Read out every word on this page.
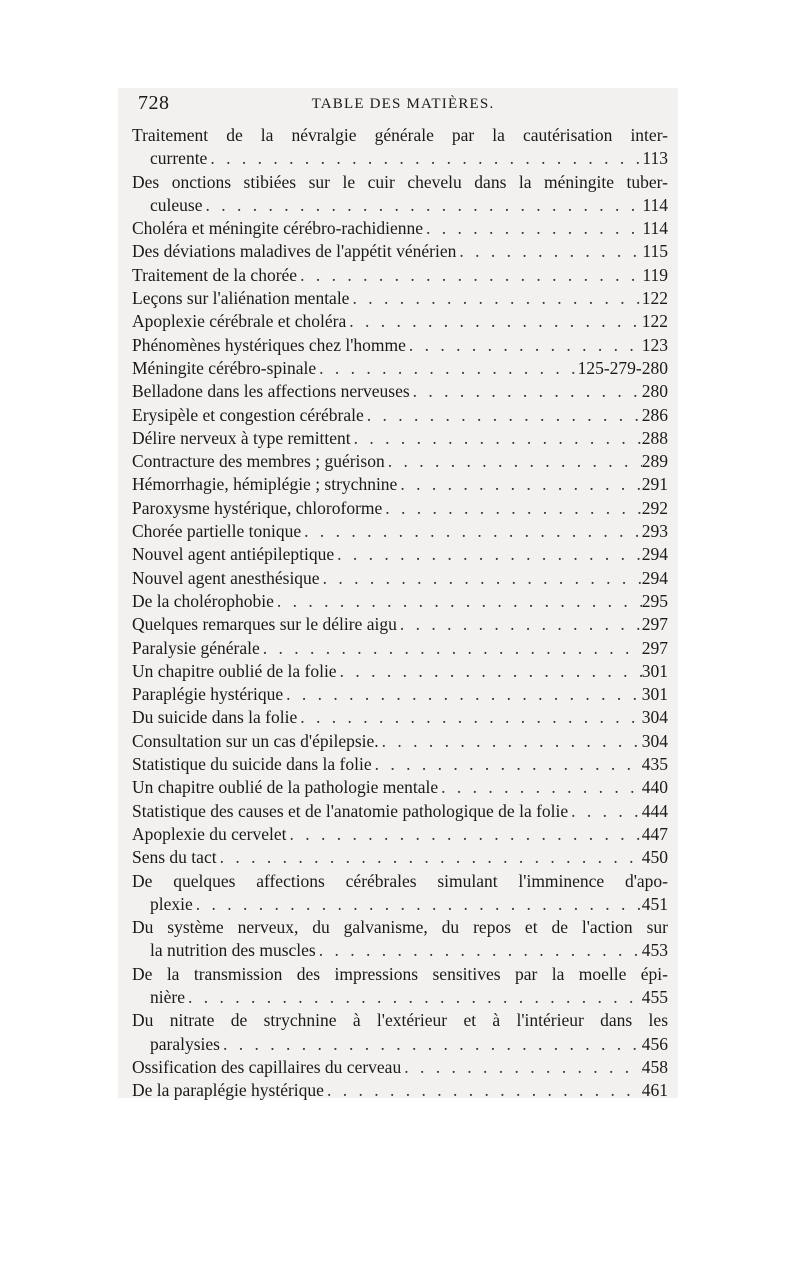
728	TABLE DES MATIÈRES.
Traitement de la névralgie générale par la cautérisation inter-
currente . . .	113
Des onctions stibiées sur le cuir chevelu dans la méningite tuber-
culeuse . . .	114
Choléra et méningite cérébro-rachidienne . . .	114
Des déviations maladives de l'appétit vénérien . . .	115
Traitement de la chorée . . .	119
Leçons sur l'aliénation mentale . . .	122
Apoplexie cérébrale et choléra . . .	122
Phénomènes hystériques chez l'homme . . .	123
Méningite cérébro-spinale . . .	125-279-280
Belladone dans les affections nerveuses . . .	280
Erysipèle et congestion cérébrale . . .	286
Délire nerveux à type remittent . . .	288
Contracture des membres ; guérison . . .	289
Hémorrhagie, hémiplégie ; strychnine . . .	291
Paroxysme hystérique, chloroforme . . .	292
Chorée partielle tonique . . .	293
Nouvel agent antiépileptique . . .	294
Nouvel agent anesthésique . . .	294
De la cholérophobie . . .	295
Quelques remarques sur le délire aigu . . .	297
Paralysie générale . . .	297
Un chapitre oublié de la folie . . .	301
Paraplégie hystérique . . .	301
Du suicide dans la folie . . .	304
Consultation sur un cas d'épilepsie. . . .	304
Statistique du suicide dans la folie . . .	435
Un chapitre oublié de la pathologie mentale . . .	440
Statistique des causes et de l'anatomie pathologique de la folie . . .	444
Apoplexie du cervelet . . .	447
Sens du tact . . .	450
De quelques affections cérébrales simulant l'imminence d'apo-
plexie . . .	451
Du système nerveux, du galvanisme, du repos et de l'action sur
la nutrition des muscles . . .	453
De la transmission des impressions sensitives par la moelle épi-
nière . . .	455
Du nitrate de strychnine à l'extérieur et à l'intérieur dans les
paralysies . . .	456
Ossification des capillaires du cerveau . . .	458
De la paraplégie hystérique . . .	461
